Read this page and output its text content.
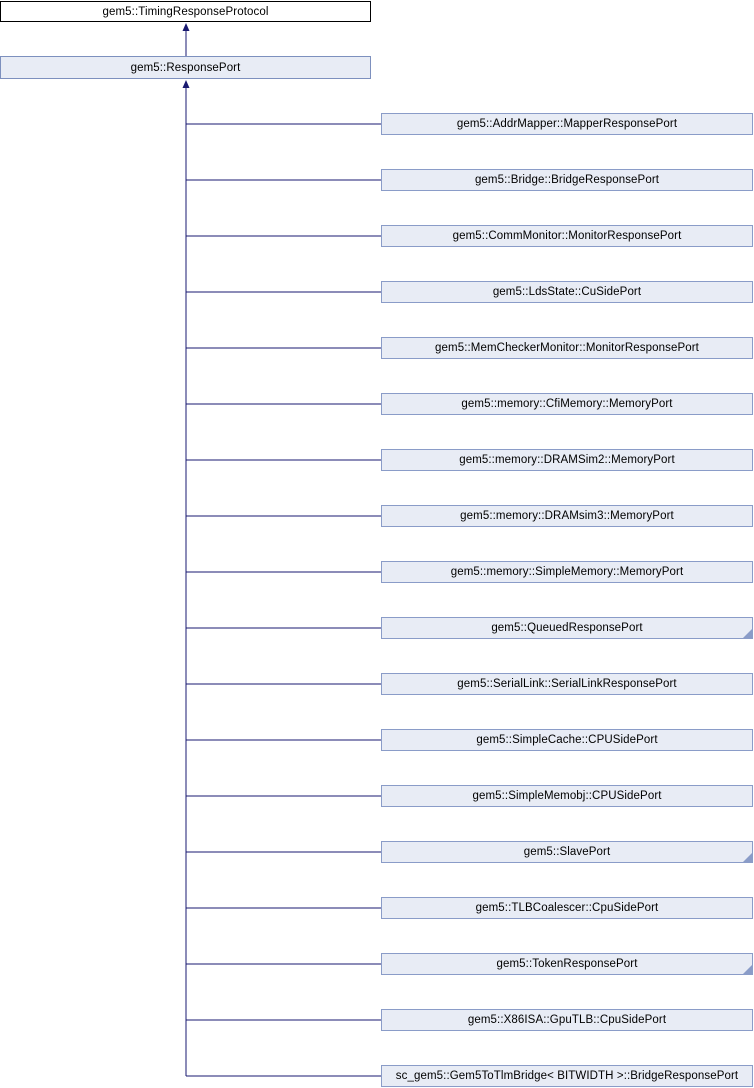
gem5::TimingResponseProtocol
gem5::ResponsePort
gem5::AddrMapper::MapperResponsePort
gem5::Bridge::BridgeResponsePort
gem5::CommMonitor::MonitorResponsePort
gem5::LdsState::CuSidePort
gem5::MemCheckerMonitor::MonitorResponsePort
gem5::memory::CfiMemory::MemoryPort
gem5::memory::DRAMSim2::MemoryPort
gem5::memory::DRAMsim3::MemoryPort
gem5::memory::SimpleMemory::MemoryPort
gem5::QueuedResponsePort
gem5::SerialLink::SerialLinkResponsePort
gem5::SimpleCache::CPUSidePort
gem5::SimpleMemobj::CPUSidePort
gem5::SlavePort
gem5::TLBCoalescer::CpuSidePort
gem5::TokenResponsePort
gem5::X86ISA::GpuTLB::CpuSidePort
sc_gem5::Gem5ToTlmBridge< BITWIDTH >::BridgeResponsePort
